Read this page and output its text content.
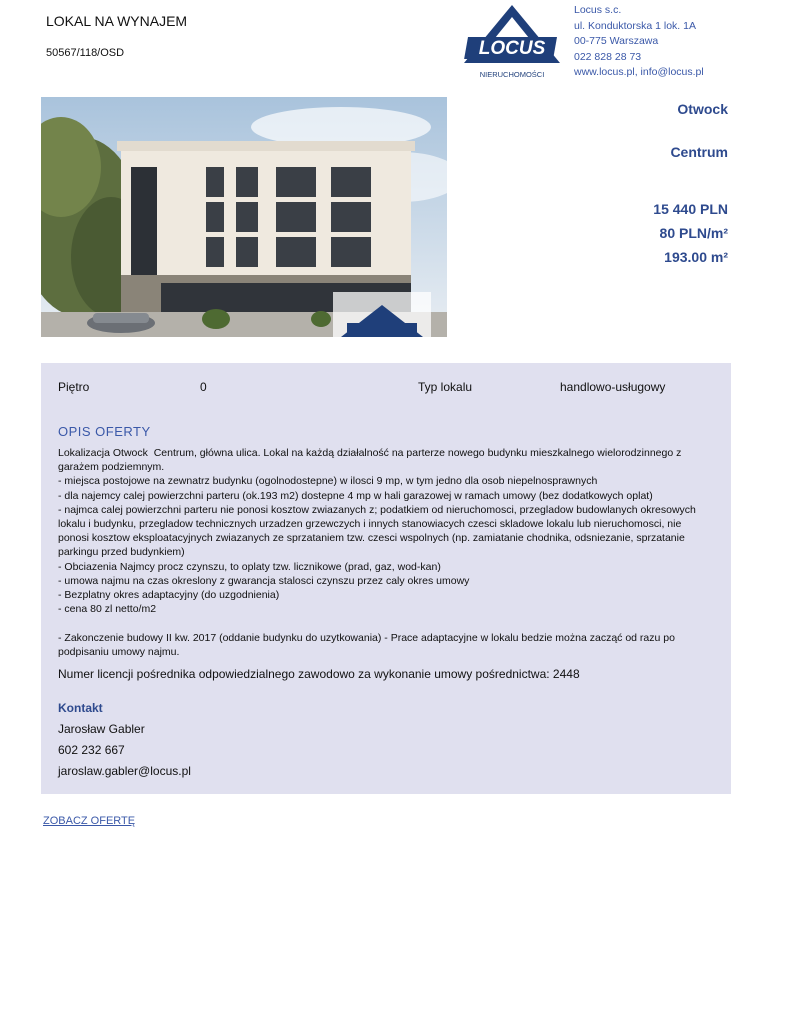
LOKAL NA WYNAJEM
50567/118/OSD	LOCUS
NIERUCHOMOŚCI
Locus s.c.
ul. Konduktorska 1 lok. 1A
00-775 Warszawa
022 828 28 73
www.locus.pl, info@locus.pl
Otwock
Centrum
15 440 PLN
80 PLN/m²
193.00 m²
Piętro	0	Typ lokalu	handlowo-usługowy
OPIS OFERTY
Lokalizacja Otwock  Centrum, główna ulica. Lokal na każdą działalność na parterze nowego budynku mieszkalnego wielorodzinnego z
garażem podziemnym.
- miejsca postojowe na zewnatrz budynku (ogolnodostepne) w ilosci 9 mp, w tym jedno dla osob niepelnosprawnych
- dla najemcy calej powierzchni parteru (ok.193 m2) dostepne 4 mp w hali garazowej w ramach umowy (bez dodatkowych oplat)
- najmca calej powierzchni parteru nie ponosi kosztow zwiazanych z; podatkiem od nieruchomosci, przegladow budowlanych okresowych
lokalu i budynku, przegladow technicznych urzadzen grzewczych i innych stanowiacych czesci skladowe lokalu lub nieruchomosci, nie
ponosi kosztow eksploatacyjnych zwiazanych ze sprzataniem tzw. czesci wspolnych (np. zamiatanie chodnika, odsniezanie, sprzatanie
parkingu przed budynkiem)
- Obciazenia Najmcy procz czynszu, to oplaty tzw. licznikowe (prad, gaz, wod-kan)
- umowa najmu na czas okreslony z gwarancja stalosci czynszu przez caly okres umowy
- Bezplatny okres adaptacyjny (do uzgodnienia)
- cena 80 zl netto/m2

- Zakonczenie budowy II kw. 2017 (oddanie budynku do uzytkowania) - Prace adaptacyjne w lokalu bedzie można zacząć od razu po
podpisaniu umowy najmu.
Numer licencji pośrednika odpowiedzialnego zawodowo za wykonanie umowy pośrednictwa: 2448
Kontakt
Jarosław Gabler
602 232 667
jaroslaw.gabler@locus.pl
ZOBACZ OFERTĘ
